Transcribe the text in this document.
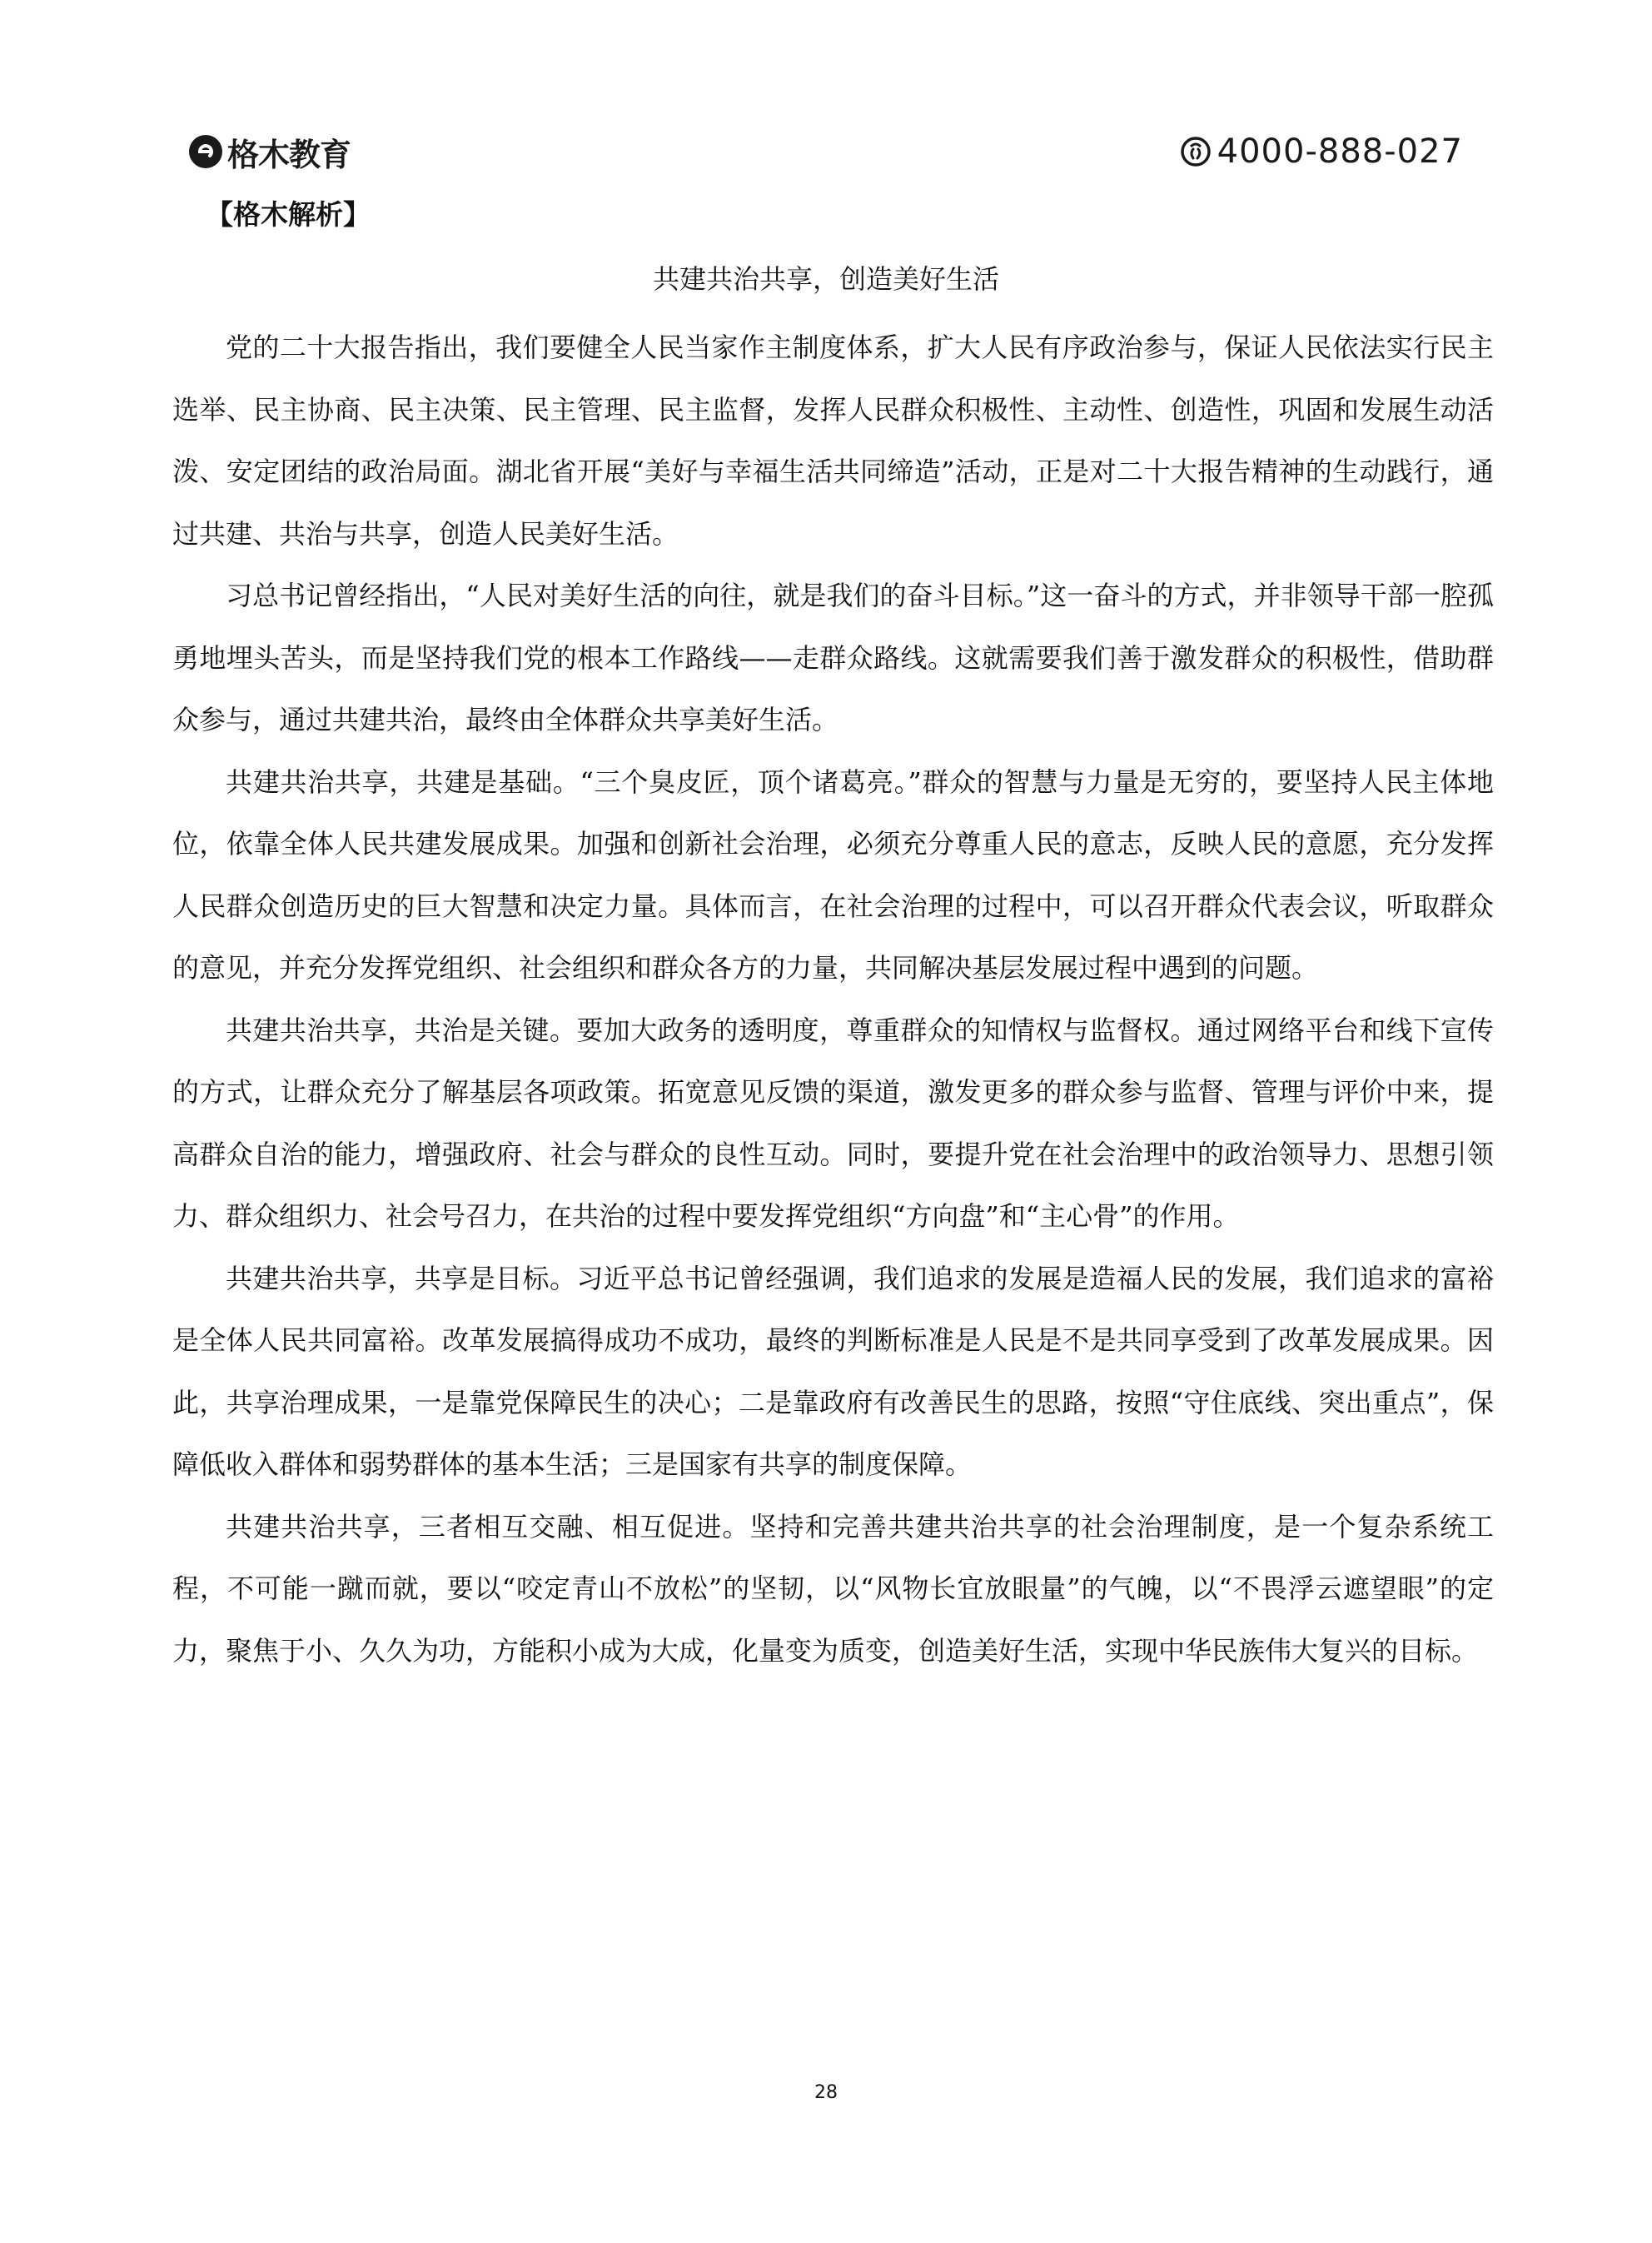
格木教育	4000-888-027
【格木解析】
共建共治共享，创造美好生活

党的二十大报告指出，我们要健全人民当家作主制度体系，扩大人民有序政治参与，保证人民依法实行民主选举、民主协商、民主决策、民主管理、民主监督，发挥人民群众积极性、主动性、创造性，巩固和发展生动活泼、安定团结的政治局面。湖北省开展“美好与幸福生活共同缔造”活动，正是对二十大报告精神的生动践行，通过共建、共治与共享，创造人民美好生活。

习总书记曾经指出，“人民对美好生活的向往，就是我们的奋斗目标。”这一奋斗的方式，并非领导干部一腔孤勇地埋头苦头，而是坚持我们党的根本工作路线——走群众路线。这就需要我们善于激发群众的积极性，借助群众参与，通过共建共治，最终由全体群众共享美好生活。

共建共治共享，共建是基础。“三个臭皮匠，顶个诸葛亮。”群众的智慧与力量是无穷的，要坚持人民主体地位，依靠全体人民共建发展成果。加强和创新社会治理，必须充分尊重人民的意志，反映人民的意愿，充分发挥人民群众创造历史的巨大智慧和决定力量。具体而言，在社会治理的过程中，可以召开群众代表会议，听取群众的意见，并充分发挥党组织、社会组织和群众各方的力量，共同解决基层发展过程中遇到的问题。

共建共治共享，共治是关键。要加大政务的透明度，尊重群众的知情权与监督权。通过网络平台和线下宣传的方式，让群众充分了解基层各项政策。拓宽意见反馈的渠道，激发更多的群众参与监督、管理与评价中来，提高群众自治的能力，增强政府、社会与群众的良性互动。同时，要提升党在社会治理中的政治领导力、思想引领力、群众组织力、社会号召力，在共治的过程中要发挥党组织“方向盘”和“主心骨”的作用。

共建共治共享，共享是目标。习近平总书记曾经强调，我们追求的发展是造福人民的发展，我们追求的富裕是全体人民共同富裕。改革发展搞得成功不成功，最终的判断标准是人民是不是共同享受到了改革发展成果。因此，共享治理成果，一是靠党保障民生的决心；二是靠政府有改善民生的思路，按照“守住底线、突出重点”，保障低收入群体和弱势群体的基本生活；三是国家有共享的制度保障。

共建共治共享，三者相互交融、相互促进。坚持和完善共建共治共享的社会治理制度，是一个复杂系统工程，不可能一蹴而就，要以“咬定青山不放松”的坚韧，以“风物长宜放眼量”的气魄，以“不畏浮云遮望眼”的定力，聚焦于小、久久为功，方能积小成为大成，化量变为质变，创造美好生活，实现中华民族伟大复兴的目标。

28
